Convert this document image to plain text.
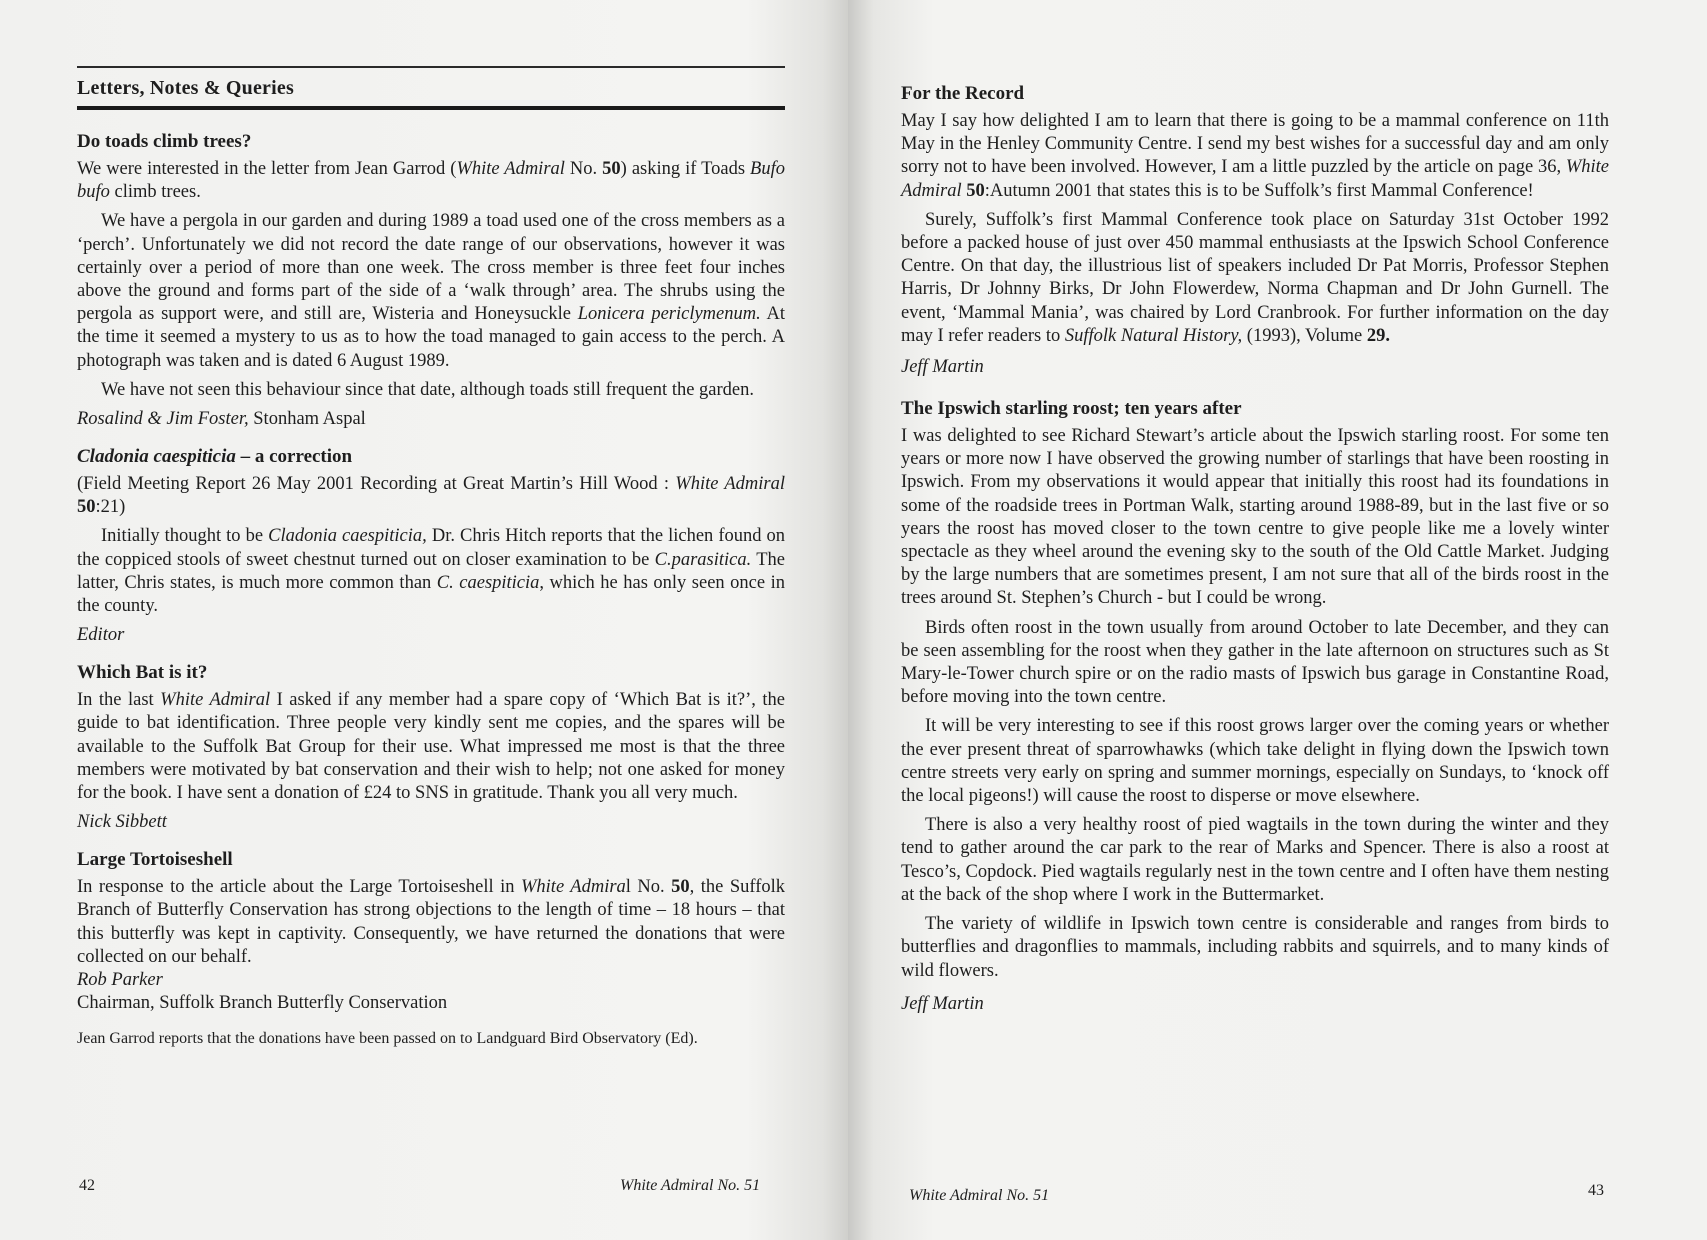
Letters, Notes & Queries
Do toads climb trees?

We were interested in the letter from Jean Garrod (White Admiral No. 50) asking if Toads Bufo bufo climb trees.

We have a pergola in our garden and during 1989 a toad used one of the cross members as a ‘perch’. Unfortunately we did not record the date range of our observations, however it was certainly over a period of more than one week. The cross member is three feet four inches above the ground and forms part of the side of a ‘walk through’ area. The shrubs using the pergola as support were, and still are, Wisteria and Honeysuckle Lonicera periclymenum. At the time it seemed a mystery to us as to how the toad managed to gain access to the perch. A photograph was taken and is dated 6 August 1989.

We have not seen this behaviour since that date, although toads still frequent the garden.

Rosalind & Jim Foster, Stonham Aspal
Cladonia caespiticia – a correction

(Field Meeting Report 26 May 2001 Recording at Great Martin’s Hill Wood : White Admiral 50:21)

Initially thought to be Cladonia caespiticia, Dr. Chris Hitch reports that the lichen found on the coppiced stools of sweet chestnut turned out on closer examination to be C.parasitica. The latter, Chris states, is much more common than C. caespiticia, which he has only seen once in the county.

Editor
Which Bat is it?

In the last White Admiral I asked if any member had a spare copy of ‘Which Bat is it?’, the guide to bat identification. Three people very kindly sent me copies, and the spares will be available to the Suffolk Bat Group for their use. What impressed me most is that the three members were motivated by bat conservation and their wish to help; not one asked for money for the book. I have sent a donation of £24 to SNS in gratitude. Thank you all very much.

Nick Sibbett
Large Tortoiseshell

In response to the article about the Large Tortoiseshell in White Admiral No. 50, the Suffolk Branch of Butterfly Conservation has strong objections to the length of time – 18 hours – that this butterfly was kept in captivity. Consequently, we have returned the donations that were collected on our behalf.

Rob Parker
Chairman, Suffolk Branch Butterfly Conservation

Jean Garrod reports that the donations have been passed on to Landguard Bird Observatory (Ed).

42	White Admiral No. 51
For the Record

May I say how delighted I am to learn that there is going to be a mammal conference on 11th May in the Henley Community Centre. I send my best wishes for a successful day and am only sorry not to have been involved. However, I am a little puzzled by the article on page 36, White Admiral 50:Autumn 2001 that states this is to be Suffolk’s first Mammal Conference!

Surely, Suffolk’s first Mammal Conference took place on Saturday 31st October 1992 before a packed house of just over 450 mammal enthusiasts at the Ipswich School Conference Centre. On that day, the illustrious list of speakers included Dr Pat Morris, Professor Stephen Harris, Dr Johnny Birks, Dr John Flowerdew, Norma Chapman and Dr John Gurnell. The event, ‘Mammal Mania’, was chaired by Lord Cranbrook. For further information on the day may I refer readers to Suffolk Natural History, (1993), Volume 29.

Jeff Martin
The Ipswich starling roost; ten years after

I was delighted to see Richard Stewart’s article about the Ipswich starling roost. For some ten years or more now I have observed the growing number of starlings that have been roosting in Ipswich. From my observations it would appear that initially this roost had its foundations in some of the roadside trees in Portman Walk, starting around 1988-89, but in the last five or so years the roost has moved closer to the town centre to give people like me a lovely winter spectacle as they wheel around the evening sky to the south of the Old Cattle Market. Judging by the large numbers that are sometimes present, I am not sure that all of the birds roost in the trees around St. Stephen’s Church - but I could be wrong.

Birds often roost in the town usually from around October to late December, and they can be seen assembling for the roost when they gather in the late afternoon on structures such as St Mary-le-Tower church spire or on the radio masts of Ipswich bus garage in Constantine Road, before moving into the town centre.

It will be very interesting to see if this roost grows larger over the coming years or whether the ever present threat of sparrowhawks (which take delight in flying down the Ipswich town centre streets very early on spring and summer mornings, especially on Sundays, to ‘knock off the local pigeons!) will cause the roost to disperse or move elsewhere.

There is also a very healthy roost of pied wagtails in the town during the winter and they tend to gather around the car park to the rear of Marks and Spencer. There is also a roost at Tesco’s, Copdock. Pied wagtails regularly nest in the town centre and I often have them nesting at the back of the shop where I work in the Buttermarket.

The variety of wildlife in Ipswich town centre is considerable and ranges from birds to butterflies and dragonflies to mammals, including rabbits and squirrels, and to many kinds of wild flowers.

Jeff Martin
White Admiral No. 51	43
